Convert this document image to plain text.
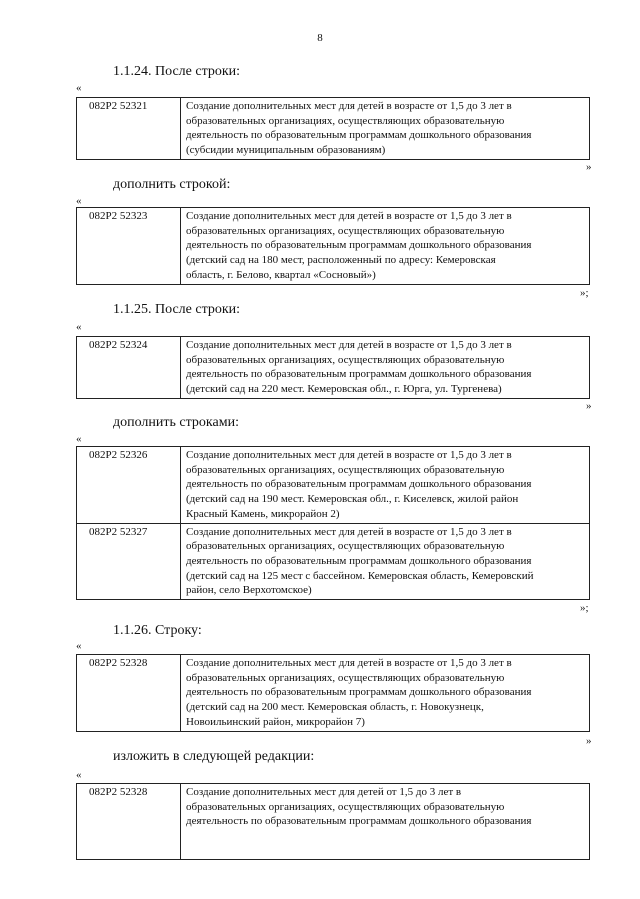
8
1.1.24. После строки:
«
082P2 52321	Создание дополнительных мест для детей в возрасте от 1,5 до 3 лет в
образовательных организациях, осуществляющих образовательную
деятельность по образовательным программам дошкольного образования
(субсидии муниципальным образованиям)
»
дополнить строкой:
«
082P2 52323	Создание дополнительных мест для детей в возрасте от 1,5 до 3 лет в
образовательных организациях, осуществляющих образовательную
деятельность по образовательным программам дошкольного образования
(детский сад на 180 мест, расположенный по адресу: Кемеровская
область, г. Белово, квартал «Сосновый»)
»;
1.1.25. После строки:
«
082P2 52324	Создание дополнительных мест для детей в возрасте от 1,5 до 3 лет в
образовательных организациях, осуществляющих образовательную
деятельность по образовательным программам дошкольного образования
(детский сад на 220 мест. Кемеровская обл., г. Юрга, ул. Тургенева)
»
дополнить строками:
«
082P2 52326	Создание дополнительных мест для детей в возрасте от 1,5 до 3 лет в
образовательных организациях, осуществляющих образовательную
деятельность по образовательным программам дошкольного образования
(детский сад на 190 мест. Кемеровская обл., г. Киселевск, жилой район
Красный Камень, микрорайон 2)

082P2 52327	Создание дополнительных мест для детей в возрасте от 1,5 до 3 лет в
образовательных организациях, осуществляющих образовательную
деятельность по образовательным программам дошкольного образования
(детский сад на 125 мест с бассейном. Кемеровская область, Кемеровский
район, село Верхотомское)
»;
1.1.26. Строку:
«
082P2 52328	Создание дополнительных мест для детей в возрасте от 1,5 до 3 лет в
образовательных организациях, осуществляющих образовательную
деятельность по образовательным программам дошкольного образования
(детский сад на 200 мест. Кемеровская область, г. Новокузнецк,
Новоильинский район, микрорайон 7)
»
изложить в следующей редакции:
«
082P2 52328	Создание дополнительных мест для детей от 1,5 до 3 лет в
образовательных организациях, осуществляющих образовательную
деятельность по образовательным программам дошкольного образования
